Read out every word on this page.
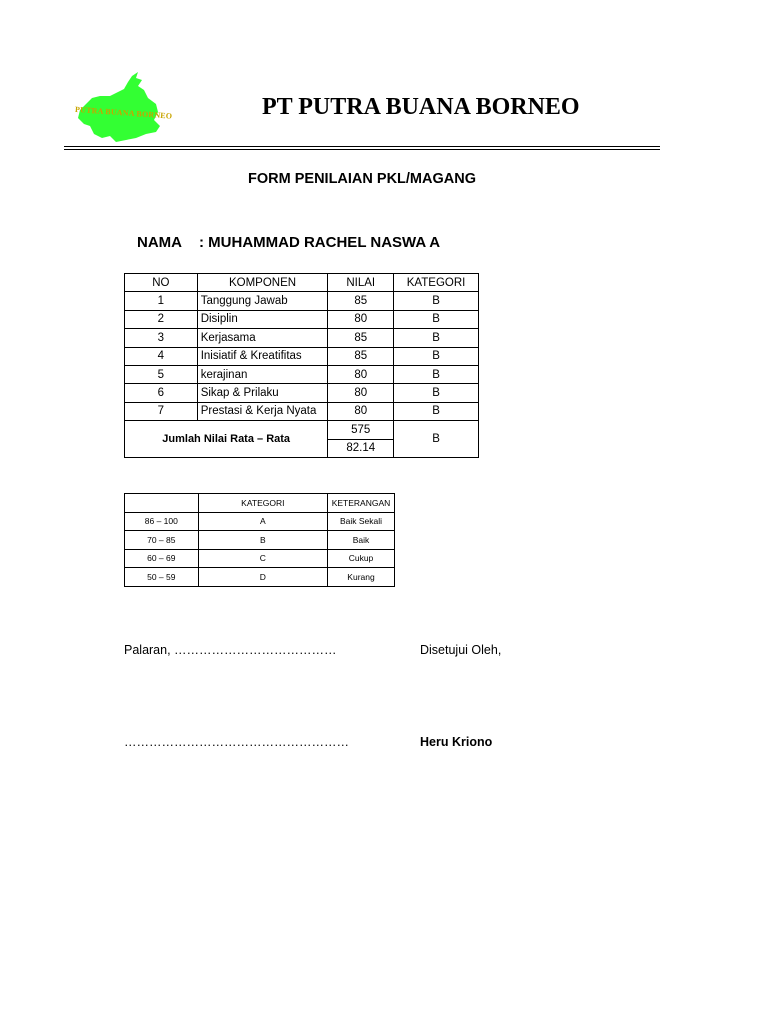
PUTRA BUANA BORNEO	PT PUTRA BUANA BORNEO
FORM PENILAIAN PKL/MAGANG
NAMA : MUHAMMAD RACHEL NASWA A
NO	KOMPONEN	NILAI	KATEGORI
1	Tanggung Jawab	85	B
2	Disiplin	80	B
3	Kerjasama	85	B
4	Inisiatif & Kreatifitas	85	B
5	kerajinan	80	B
6	Sikap & Prilaku	80	B
7	Prestasi & Kerja Nyata	80	B
Jumlah Nilai Rata – Rata		575	B
		82.14	
	KATEGORI	KETERANGAN
86 – 100	A	Baik Sekali
70 – 85	B	Baik
60 – 69	C	Cukup
50 – 59	D	Kurang
Palaran, …………………………………	Disetujui Oleh,
………………………………………………	Heru Kriono
